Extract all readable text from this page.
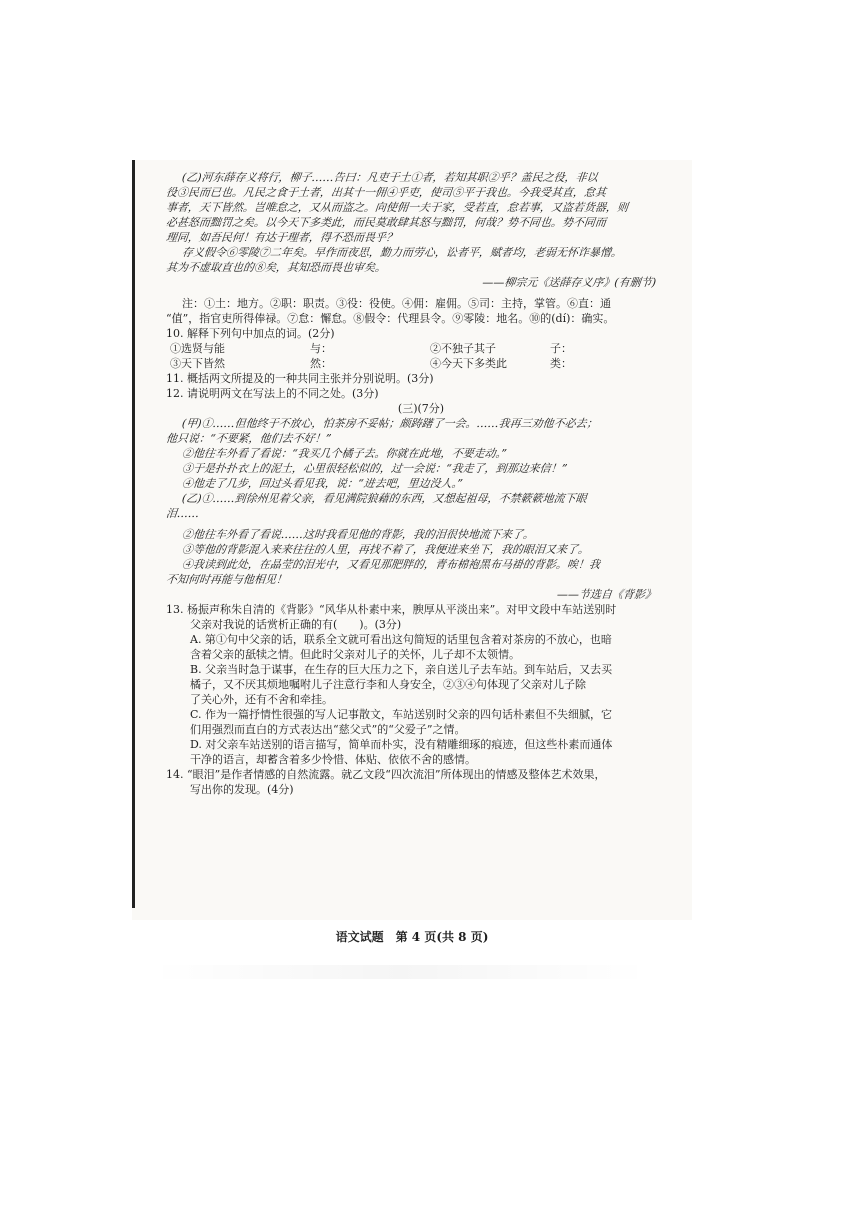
(乙)河东薛存义将行，柳子……告曰：凡吏于土①者，若知其职②乎？盖民之役，非以

役③民而已也。凡民之食于土者，出其十一佣④乎吏，使司⑤平于我也。今我受其直，怠其

事者，天下皆然。岂唯怠之，又从而盗之。向使佣一夫于家，受若直，怠若事，又盗若货器，则

必甚怒而黜罚之矣。以今天下多类此，而民莫敢肆其怒与黜罚，何哉？势不同也。势不同而

理同，如吾民何！有达于理者，得不恐而畏乎？

存义假令⑥零陵⑦二年矣。早作而夜思，勤力而劳心，讼者平，赋者均，老弱无怀诈暴憎。

其为不虚取直也的⑧矣，其知恐而畏也审矣。

——柳宗元《送薛存义序》(有删节)

注：①土：地方。②职：职责。③役：役使。④佣：雇佣。⑤司：主持，掌管。⑥直：通

“值”，指官吏所得俸禄。⑦怠：懈怠。⑧假令：代理县令。⑨零陵：地名。⑩的(dí)：确实。

10. 解释下列句中加点的词。(2分)

①选贤与能	与：	②不独子其子	子：
③天下皆然	然：	④今天下多类此	类：

11. 概括两文所提及的一种共同主张并分别说明。(3分)

12. 请说明两文在写法上的不同之处。(3分)

(三)(7分)

(甲)①……但他终于不放心，怕茶房不妥帖；颇踌躇了一会。……我再三劝他不必去；

他只说：“不要紧，他们去不好！”

②他往车外看了看说：“我买几个橘子去。你就在此地，不要走动。”

③于是扑扑衣上的泥土，心里很轻松似的，过一会说：“我走了，到那边来信！”

④他走了几步，回过头看见我，说：“进去吧，里边没人。”

(乙)①……到徐州见着父亲，看见满院狼藉的东西，又想起祖母，不禁簌簌地流下眼

泪……

②他往车外看了看说……这时我看见他的背影，我的泪很快地流下来了。

③等他的背影混入来来往往的人里，再找不着了，我便进来坐下，我的眼泪又来了。

④我读到此处，在晶莹的泪光中，又看见那肥胖的，青布棉袍黑布马褂的背影。唉！我

不知何时再能与他相见！

——节选自《背影》

13. 杨振声称朱自清的《背影》“风华从朴素中来，腴厚从平淡出来”。对甲文段中车站送别时

父亲对我说的话赏析正确的有(　　)。(3分)

A. 第①句中父亲的话，联系全文就可看出这句简短的话里包含着对茶房的不放心，也暗

含着父亲的舐犊之情。但此时父亲对儿子的关怀，儿子却不太领情。

B. 父亲当时急于谋事，在生存的巨大压力之下，亲自送儿子去车站。到车站后，又去买

橘子，又不厌其烦地嘱咐儿子注意行李和人身安全，②③④句体现了父亲对儿子除

了关心外，还有不舍和牵挂。

C. 作为一篇抒情性很强的写人记事散文，车站送别时父亲的四句话朴素但不失细腻，它

们用强烈而直白的方式表达出“慈父式”的“父爱子”之情。

D. 对父亲车站送别的语言描写，简单而朴实，没有精雕细琢的痕迹，但这些朴素而通体

干净的语言，却蓄含着多少怜惜、体贴、依依不舍的感情。

14. “眼泪”是作者情感的自然流露。就乙文段“四次流泪”所体现出的情感及整体艺术效果，

写出你的发现。(4分)

语文试题　第 4 页(共 8 页)
